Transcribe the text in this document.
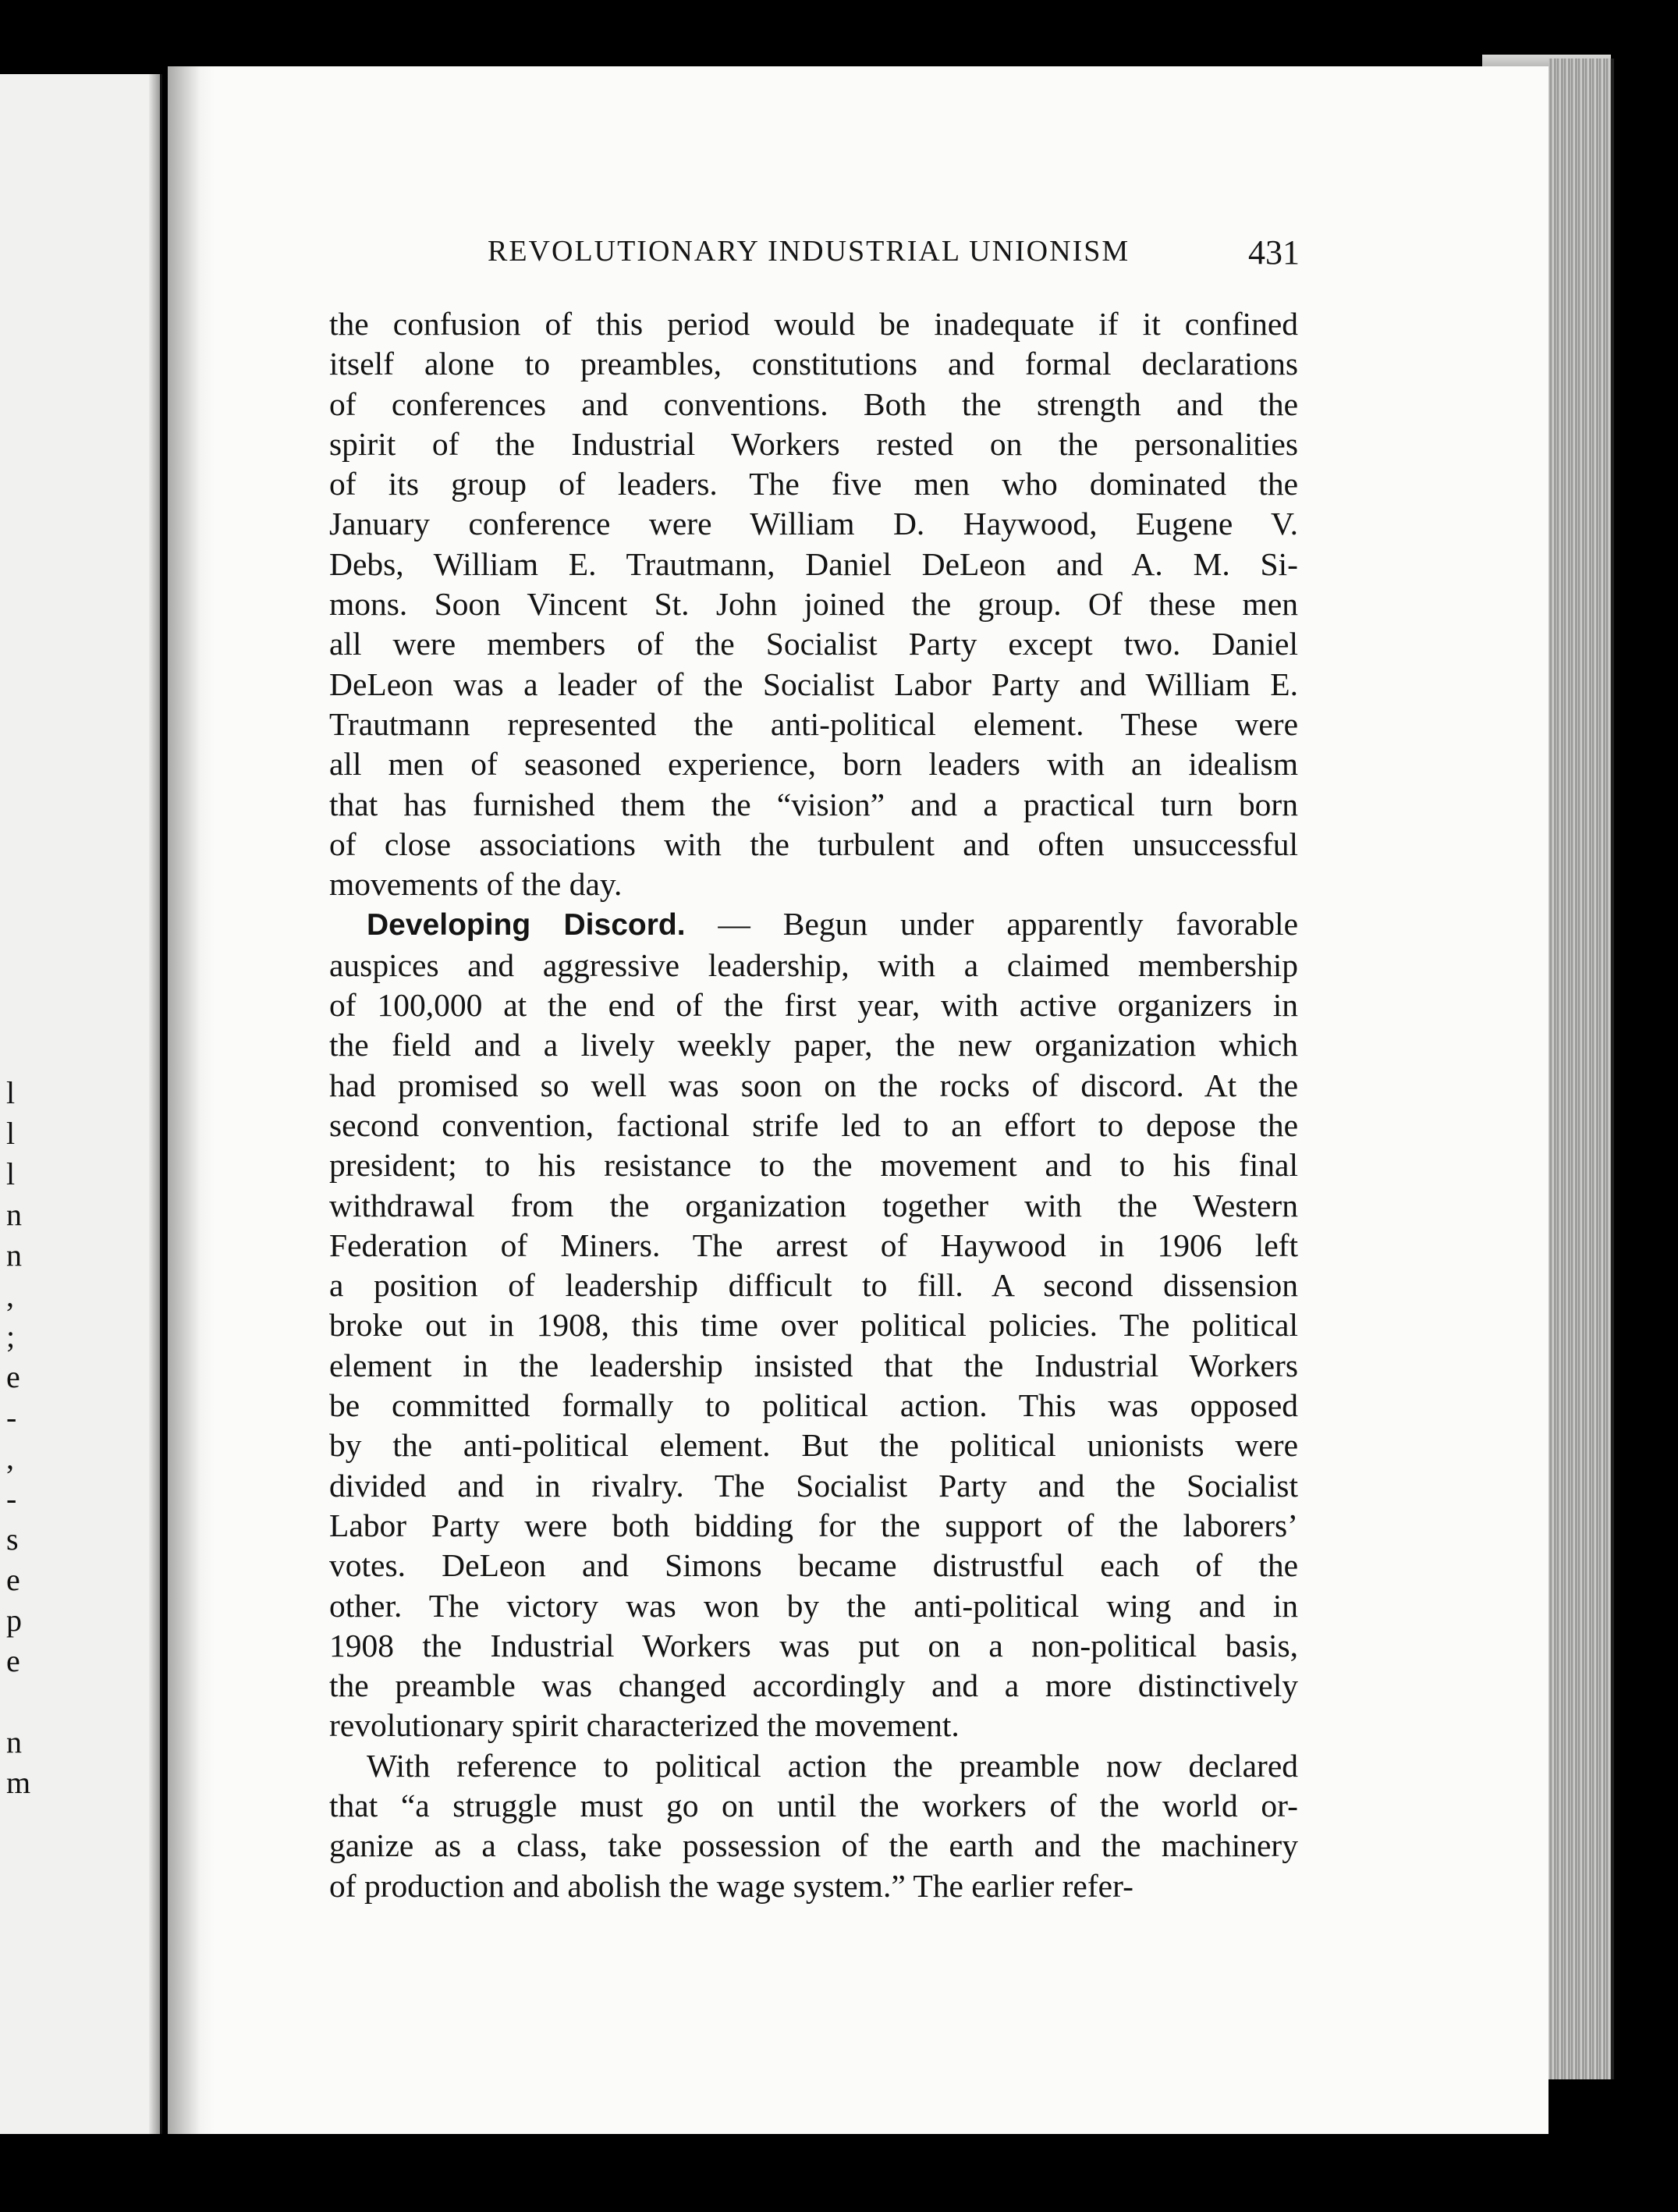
l
l
l
n
n
,
;
e
-
,
-
s
e
p
e
n
m
REVOLUTIONARY INDUSTRIAL UNIONISM	431
the confusion of this period would be inadequate if it confined
itself alone to preambles, constitutions and formal declarations
of conferences and conventions. Both the strength and the
spirit of the Industrial Workers rested on the personalities
of its group of leaders. The five men who dominated the
January conference were William D. Haywood, Eugene V.
Debs, William E. Trautmann, Daniel DeLeon and A. M. Si-
mons. Soon Vincent St. John joined the group. Of these men
all were members of the Socialist Party except two. Daniel
DeLeon was a leader of the Socialist Labor Party and William E.
Trautmann represented the anti-political element. These were
all men of seasoned experience, born leaders with an idealism
that has furnished them the “vision” and a practical turn born
of close associations with the turbulent and often unsuccessful
movements of the day.
Developing Discord. — Begun under apparently favorable
auspices and aggressive leadership, with a claimed membership
of 100,000 at the end of the first year, with active organizers in
the field and a lively weekly paper, the new organization which
had promised so well was soon on the rocks of discord. At the
second convention, factional strife led to an effort to depose the
president; to his resistance to the movement and to his final
withdrawal from the organization together with the Western
Federation of Miners. The arrest of Haywood in 1906 left
a position of leadership difficult to fill. A second dissension
broke out in 1908, this time over political policies. The political
element in the leadership insisted that the Industrial Workers
be committed formally to political action. This was opposed
by the anti-political element. But the political unionists were
divided and in rivalry. The Socialist Party and the Socialist
Labor Party were both bidding for the support of the laborers’
votes. DeLeon and Simons became distrustful each of the
other. The victory was won by the anti-political wing and in
1908 the Industrial Workers was put on a non-political basis,
the preamble was changed accordingly and a more distinctively
revolutionary spirit characterized the movement.
With reference to political action the preamble now declared
that “a struggle must go on until the workers of the world or-
ganize as a class, take possession of the earth and the machinery
of production and abolish the wage system.” The earlier refer-
